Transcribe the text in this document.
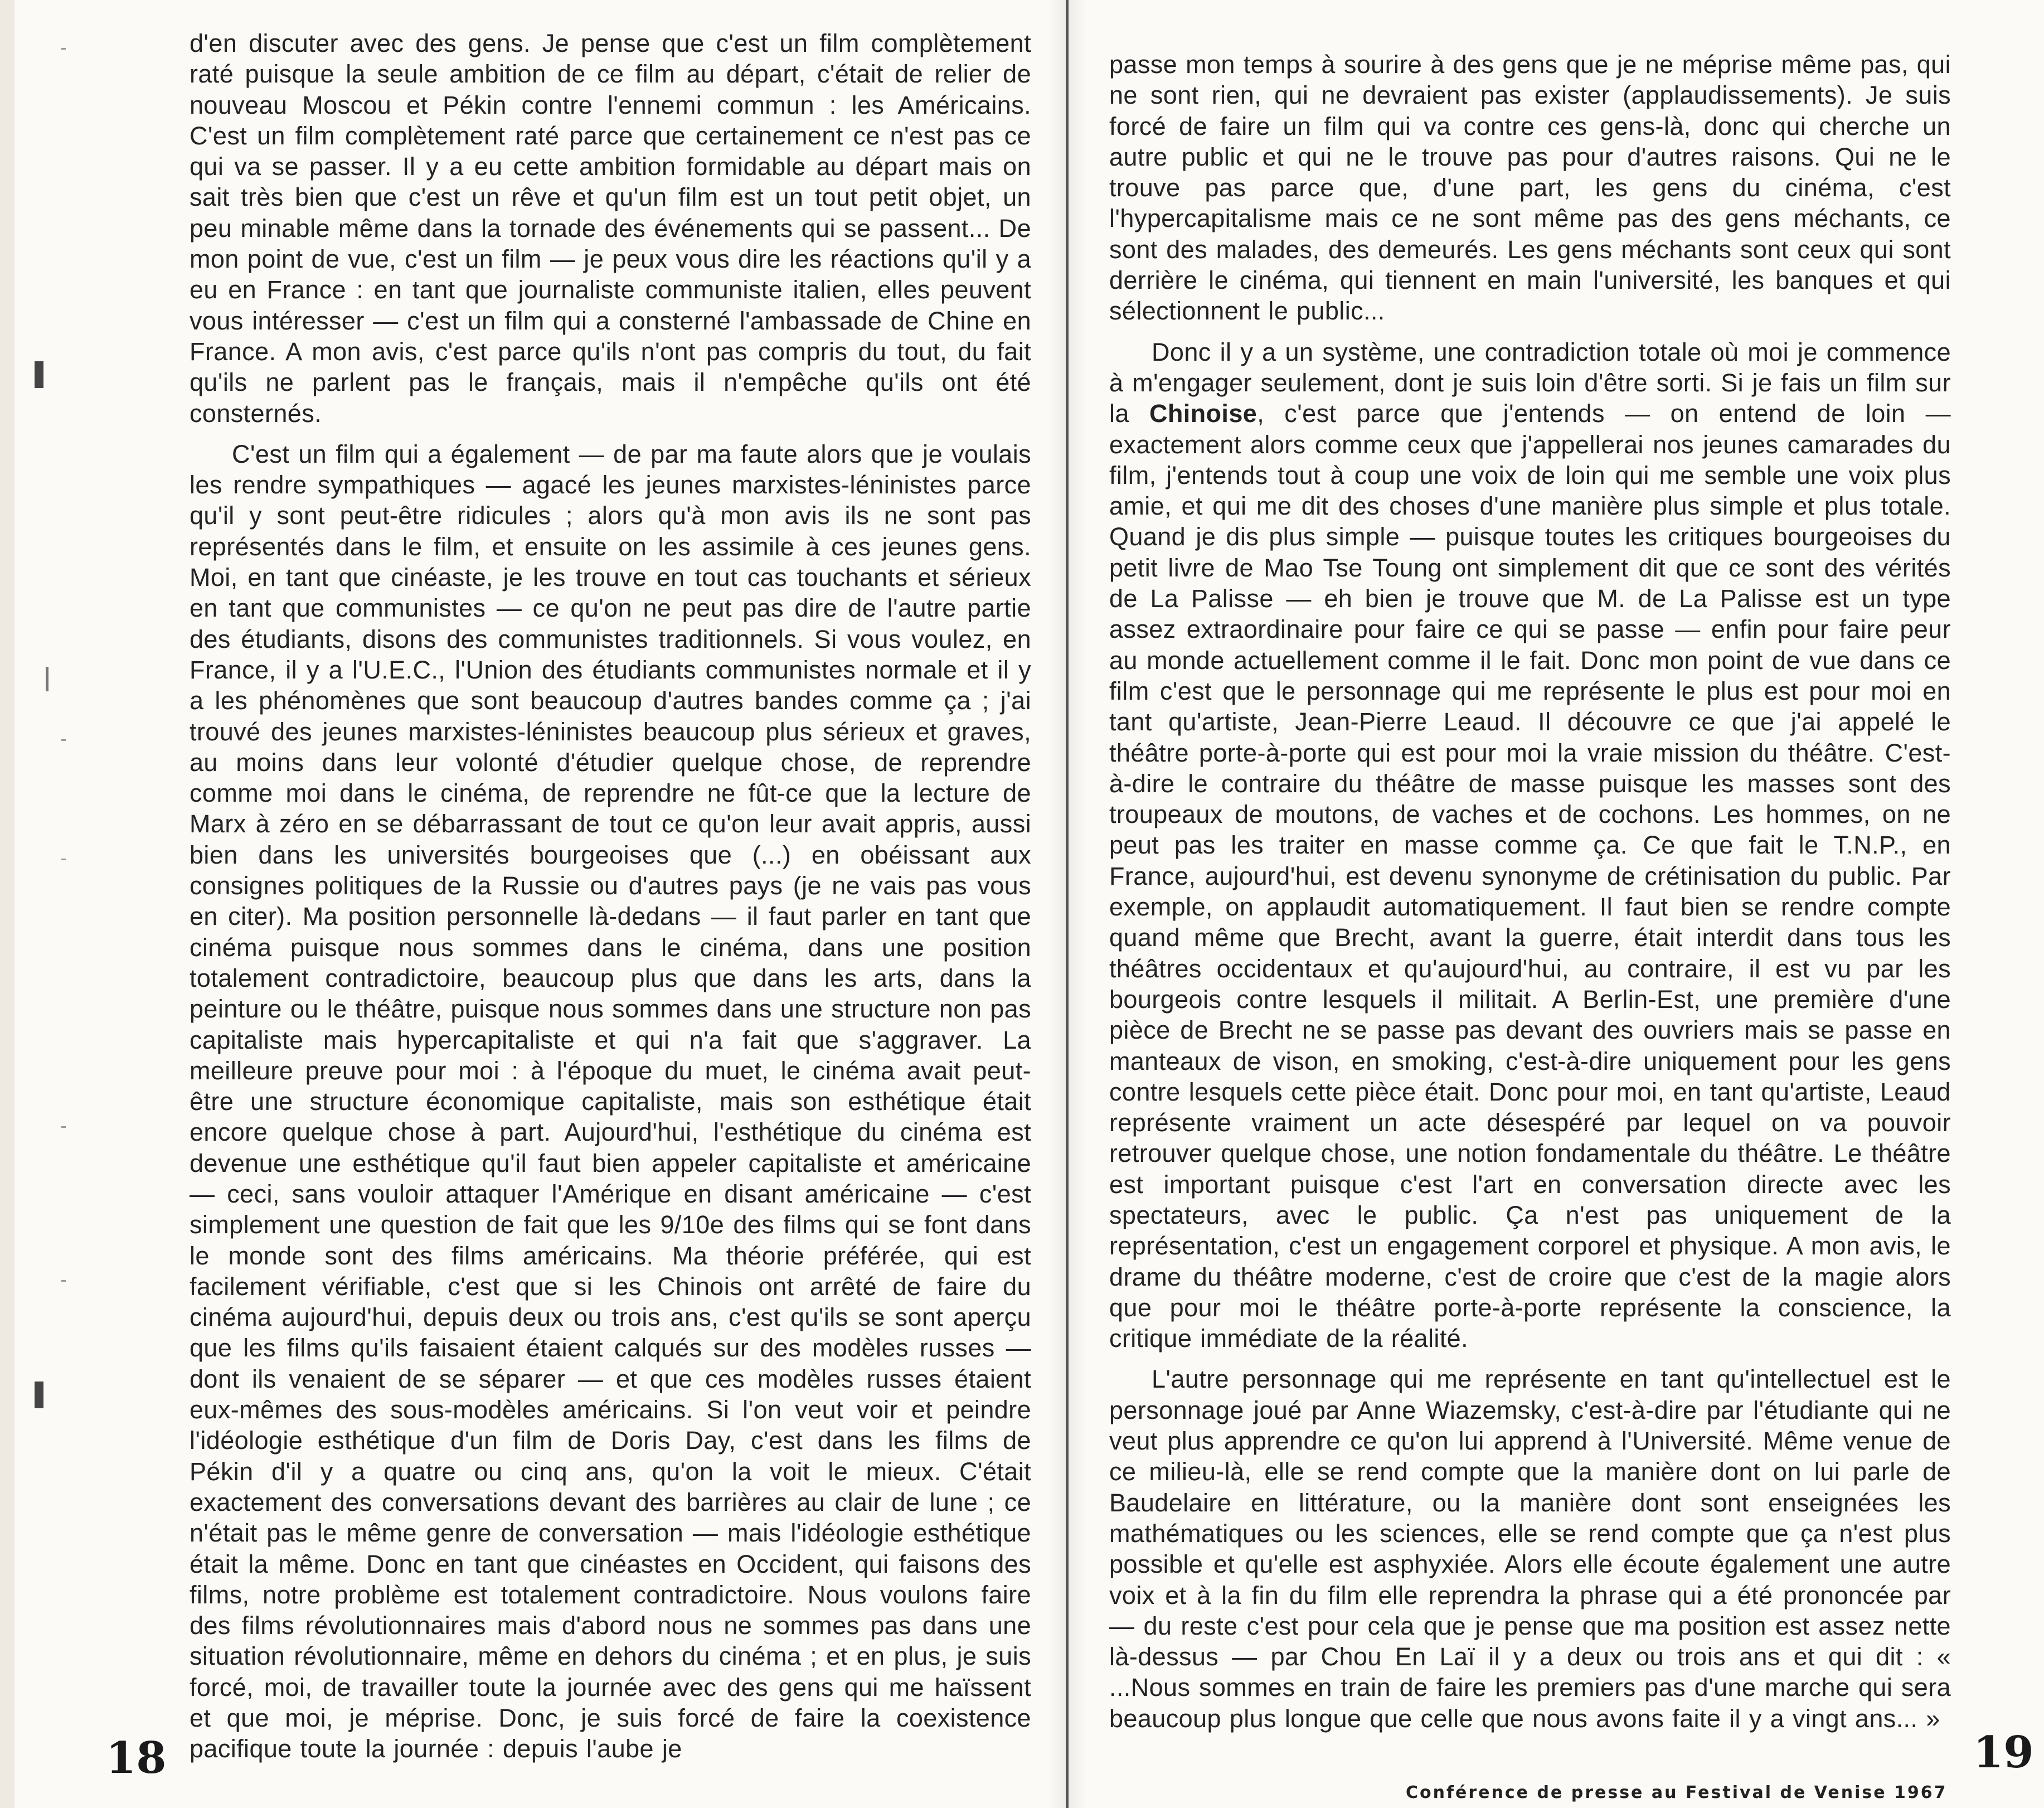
d'en discuter avec des gens. Je pense que c'est un film complètement raté puisque la seule ambition de ce film au départ, c'était de relier de nouveau Moscou et Pékin contre l'ennemi commun : les Américains. C'est un film complètement raté parce que certainement ce n'est pas ce qui va se passer. Il y a eu cette ambition formidable au départ mais on sait très bien que c'est un rêve et qu'un film est un tout petit objet, un peu minable même dans la tornade des événements qui se passent... De mon point de vue, c'est un film — je peux vous dire les réactions qu'il y a eu en France : en tant que journaliste communiste italien, elles peuvent vous intéresser — c'est un film qui a consterné l'ambassade de Chine en France. A mon avis, c'est parce qu'ils n'ont pas compris du tout, du fait qu'ils ne parlent pas le français, mais il n'empêche qu'ils ont été consternés.

C'est un film qui a également — de par ma faute alors que je voulais les rendre sympathiques — agacé les jeunes marxistes-léninistes parce qu'il y sont peut-être ridicules ; alors qu'à mon avis ils ne sont pas représentés dans le film, et ensuite on les assimile à ces jeunes gens. Moi, en tant que cinéaste, je les trouve en tout cas touchants et sérieux en tant que communistes — ce qu'on ne peut pas dire de l'autre partie des étudiants, disons des communistes traditionnels. Si vous voulez, en France, il y a l'U.E.C., l'Union des étudiants communistes normale et il y a les phénomènes que sont beaucoup d'autres bandes comme ça ; j'ai trouvé des jeunes marxistes-léninistes beaucoup plus sérieux et graves, au moins dans leur volonté d'étudier quelque chose, de reprendre comme moi dans le cinéma, de reprendre ne fût-ce que la lecture de Marx à zéro en se débarrassant de tout ce qu'on leur avait appris, aussi bien dans les universités bourgeoises que (...) en obéissant aux consignes politiques de la Russie ou d'autres pays (je ne vais pas vous en citer). Ma position personnelle là-dedans — il faut parler en tant que cinéma puisque nous sommes dans le cinéma, dans une position totalement contradictoire, beaucoup plus que dans les arts, dans la peinture ou le théâtre, puisque nous sommes dans une structure non pas capitaliste mais hypercapitaliste et qui n'a fait que s'aggraver. La meilleure preuve pour moi : à l'époque du muet, le cinéma avait peut-être une structure économique capitaliste, mais son esthétique était encore quelque chose à part. Aujourd'hui, l'esthétique du cinéma est devenue une esthétique qu'il faut bien appeler capitaliste et américaine — ceci, sans vouloir attaquer l'Amérique en disant américaine — c'est simplement une question de fait que les 9/10e des films qui se font dans le monde sont des films américains. Ma théorie préférée, qui est facilement vérifiable, c'est que si les Chinois ont arrêté de faire du cinéma aujourd'hui, depuis deux ou trois ans, c'est qu'ils se sont aperçu que les films qu'ils faisaient étaient calqués sur des modèles russes — dont ils venaient de se séparer — et que ces modèles russes étaient eux-mêmes des sous-modèles américains. Si l'on veut voir et peindre l'idéologie esthétique d'un film de Doris Day, c'est dans les films de Pékin d'il y a quatre ou cinq ans, qu'on la voit le mieux. C'était exactement des conversations devant des barrières au clair de lune ; ce n'était pas le même genre de conversation — mais l'idéologie esthétique était la même. Donc en tant que cinéastes en Occident, qui faisons des films, notre problème est totalement contradictoire. Nous voulons faire des films révolutionnaires mais d'abord nous ne sommes pas dans une situation révolutionnaire, même en dehors du cinéma ; et en plus, je suis forcé, moi, de travailler toute la journée avec des gens qui me haïssent et que moi, je méprise. Donc, je suis forcé de faire la coexistence pacifique toute la journée : depuis l'aube je

18

passe mon temps à sourire à des gens que je ne méprise même pas, qui ne sont rien, qui ne devraient pas exister (applaudissements). Je suis forcé de faire un film qui va contre ces gens-là, donc qui cherche un autre public et qui ne le trouve pas pour d'autres raisons. Qui ne le trouve pas parce que, d'une part, les gens du cinéma, c'est l'hypercapitalisme mais ce ne sont même pas des gens méchants, ce sont des malades, des demeurés. Les gens méchants sont ceux qui sont derrière le cinéma, qui tiennent en main l'université, les banques et qui sélectionnent le public...

Donc il y a un système, une contradiction totale où moi je commence à m'engager seulement, dont je suis loin d'être sorti. Si je fais un film sur la Chinoise, c'est parce que j'entends — on entend de loin — exactement alors comme ceux que j'appellerai nos jeunes camarades du film, j'entends tout à coup une voix de loin qui me semble une voix plus amie, et qui me dit des choses d'une manière plus simple et plus totale. Quand je dis plus simple — puisque toutes les critiques bourgeoises du petit livre de Mao Tse Toung ont simplement dit que ce sont des vérités de La Palisse — eh bien je trouve que M. de La Palisse est un type assez extraordinaire pour faire ce qui se passe — enfin pour faire peur au monde actuellement comme il le fait. Donc mon point de vue dans ce film c'est que le personnage qui me représente le plus est pour moi en tant qu'artiste, Jean-Pierre Leaud. Il découvre ce que j'ai appelé le théâtre porte-à-porte qui est pour moi la vraie mission du théâtre. C'est-à-dire le contraire du théâtre de masse puisque les masses sont des troupeaux de moutons, de vaches et de cochons. Les hommes, on ne peut pas les traiter en masse comme ça. Ce que fait le T.N.P., en France, aujourd'hui, est devenu synonyme de crétinisation du public. Par exemple, on applaudit automatiquement. Il faut bien se rendre compte quand même que Brecht, avant la guerre, était interdit dans tous les théâtres occidentaux et qu'aujourd'hui, au contraire, il est vu par les bourgeois contre lesquels il militait. A Berlin-Est, une première d'une pièce de Brecht ne se passe pas devant des ouvriers mais se passe en manteaux de vison, en smoking, c'est-à-dire uniquement pour les gens contre lesquels cette pièce était. Donc pour moi, en tant qu'artiste, Leaud représente vraiment un acte désespéré par lequel on va pouvoir retrouver quelque chose, une notion fondamentale du théâtre. Le théâtre est important puisque c'est l'art en conversation directe avec les spectateurs, avec le public. Ça n'est pas uniquement de la représentation, c'est un engagement corporel et physique. A mon avis, le drame du théâtre moderne, c'est de croire que c'est de la magie alors que pour moi le théâtre porte-à-porte représente la conscience, la critique immédiate de la réalité.

L'autre personnage qui me représente en tant qu'intellectuel est le personnage joué par Anne Wiazemsky, c'est-à-dire par l'étudiante qui ne veut plus apprendre ce qu'on lui apprend à l'Université. Même venue de ce milieu-là, elle se rend compte que la manière dont on lui parle de Baudelaire en littérature, ou la manière dont sont enseignées les mathématiques ou les sciences, elle se rend compte que ça n'est plus possible et qu'elle est asphyxiée. Alors elle écoute également une autre voix et à la fin du film elle reprendra la phrase qui a été prononcée par — du reste c'est pour cela que je pense que ma position est assez nette là-dessus — par Chou En Laï il y a deux ou trois ans et qui dit : « ...Nous sommes en train de faire les premiers pas d'une marche qui sera beaucoup plus longue que celle que nous avons faite il y a vingt ans... »

19
Conférence de presse au Festival de Venise 1967
